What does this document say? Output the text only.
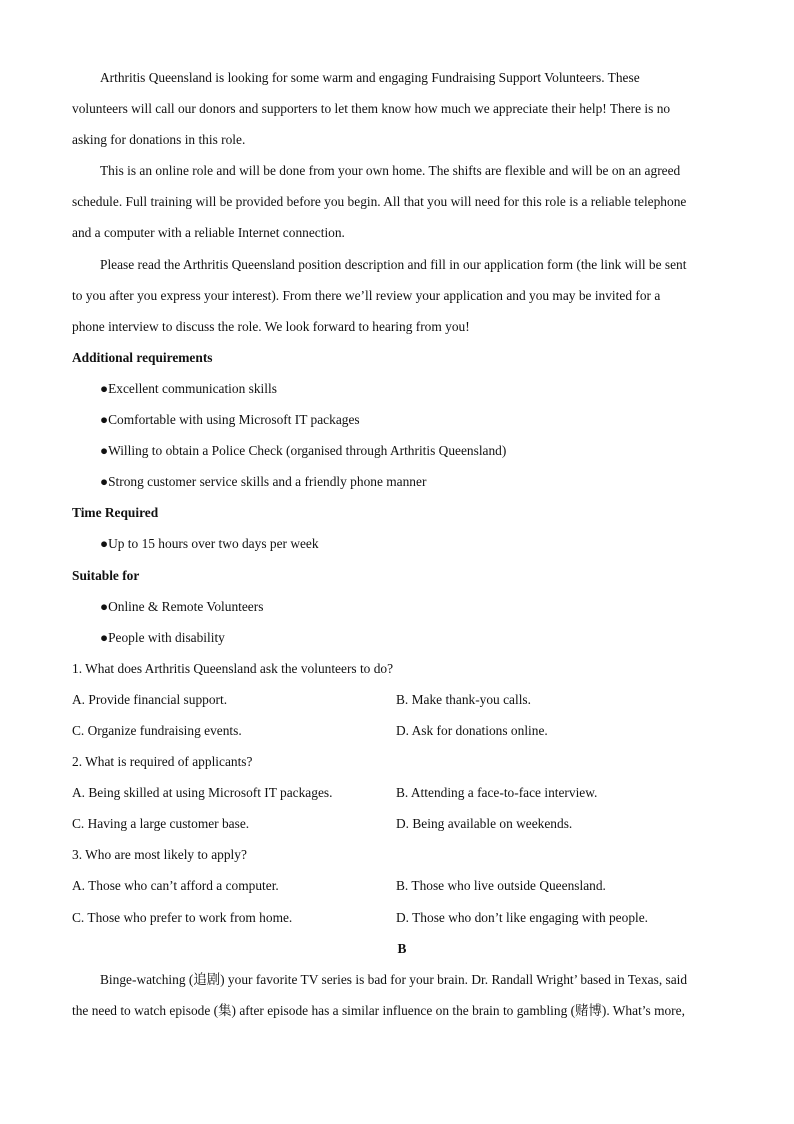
Arthritis Queensland is looking for some warm and engaging Fundraising Support Volunteers. These
volunteers will call our donors and supporters to let them know how much we appreciate their help! There is no
asking for donations in this role.
This is an online role and will be done from your own home. The shifts are flexible and will be on an agreed
schedule. Full training will be provided before you begin. All that you will need for this role is a reliable telephone
and a computer with a reliable Internet connection.
Please read the Arthritis Queensland position description and fill in our application form (the link will be sent
to you after you express your interest). From there we’ll review your application and you may be invited for a
phone interview to discuss the role. We look forward to hearing from you!
Additional requirements
●Excellent communication skills
●Comfortable with using Microsoft IT packages
●Willing to obtain a Police Check (organised through Arthritis Queensland)
●Strong customer service skills and a friendly phone manner
Time Required
●Up to 15 hours over two days per week
Suitable for
●Online & Remote Volunteers
●People with disability
1. What does Arthritis Queensland ask the volunteers to do?
A. Provide financial support.	B. Make thank-you calls.
C. Organize fundraising events.	D. Ask for donations online.
2. What is required of applicants?
A. Being skilled at using Microsoft IT packages.	B. Attending a face-to-face interview.
C. Having a large customer base.	D. Being available on weekends.
3. Who are most likely to apply?
A. Those who can’t afford a computer.	B. Those who live outside Queensland.
C. Those who prefer to work from home.	D. Those who don’t like engaging with people.
B
Binge-watching (追剧) your favorite TV series is bad for your brain. Dr. Randall Wright’ based in Texas, said
the need to watch episode (集) after episode has a similar influence on the brain to gambling (赌博). What’s more,
